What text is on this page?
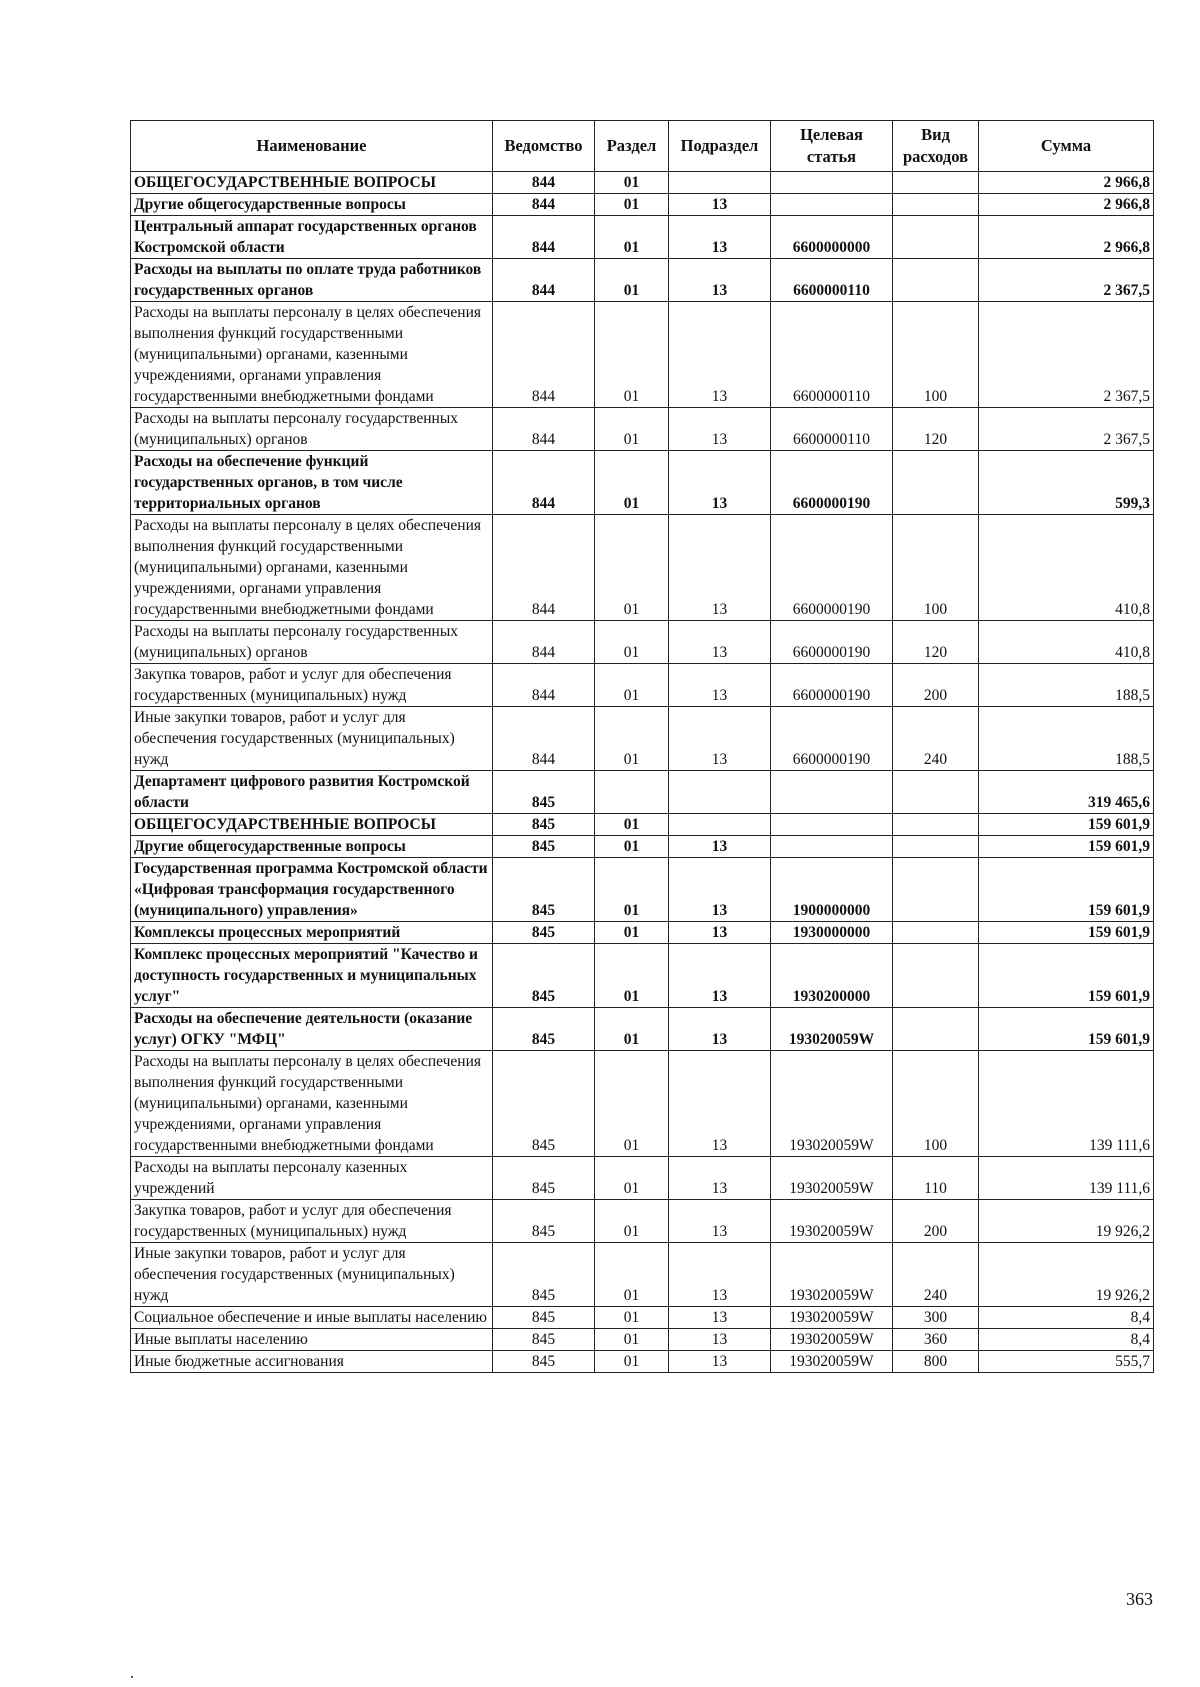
Наименование	Ведомство	Раздел	Подраздел	Целевая статья	Вид расходов	Сумма
ОБЩЕГОСУДАРСТВЕННЫЕ ВОПРОСЫ	844	01				2 966,8
Другие общегосударственные вопросы	844	01	13			2 966,8
Центральный аппарат государственных органов Костромской области	844	01	13	6600000000		2 966,8
Расходы на выплаты по оплате труда работников государственных органов	844	01	13	6600000110		2 367,5
Расходы на выплаты персоналу в целях обеспечения выполнения функций государственными (муниципальными) органами, казенными учреждениями, органами управления государственными внебюджетными фондами	844	01	13	6600000110	100	2 367,5
Расходы на выплаты персоналу государственных (муниципальных) органов	844	01	13	6600000110	120	2 367,5
Расходы на обеспечение функций государственных органов, в том числе территориальных органов	844	01	13	6600000190		599,3
Расходы на выплаты персоналу в целях обеспечения выполнения функций государственными (муниципальными) органами, казенными учреждениями, органами управления государственными внебюджетными фондами	844	01	13	6600000190	100	410,8
Расходы на выплаты персоналу государственных (муниципальных) органов	844	01	13	6600000190	120	410,8
Закупка товаров, работ и услуг для обеспечения государственных (муниципальных) нужд	844	01	13	6600000190	200	188,5
Иные закупки товаров, работ и услуг для обеспечения государственных (муниципальных) нужд	844	01	13	6600000190	240	188,5
Департамент цифрового развития Костромской области	845					319 465,6
ОБЩЕГОСУДАРСТВЕННЫЕ ВОПРОСЫ	845	01				159 601,9
Другие общегосударственные вопросы	845	01	13			159 601,9
Государственная программа Костромской области «Цифровая трансформация государственного (муниципального) управления»	845	01	13	1900000000		159 601,9
Комплексы процессных мероприятий	845	01	13	1930000000		159 601,9
Комплекс процессных мероприятий "Качество и доступность государственных и муниципальных услуг"	845	01	13	1930200000		159 601,9
Расходы на обеспечение деятельности (оказание услуг) ОГКУ "МФЦ"	845	01	13	193020059W		159 601,9
Расходы на выплаты персоналу в целях обеспечения выполнения функций государственными (муниципальными) органами, казенными учреждениями, органами управления государственными внебюджетными фондами	845	01	13	193020059W	100	139 111,6
Расходы на выплаты персоналу казенных учреждений	845	01	13	193020059W	110	139 111,6
Закупка товаров, работ и услуг для обеспечения государственных (муниципальных) нужд	845	01	13	193020059W	200	19 926,2
Иные закупки товаров, работ и услуг для обеспечения государственных (муниципальных) нужд	845	01	13	193020059W	240	19 926,2
Социальное обеспечение и иные выплаты населению	845	01	13	193020059W	300	8,4
Иные выплаты населению	845	01	13	193020059W	360	8,4
Иные бюджетные ассигнования	845	01	13	193020059W	800	555,7
363
